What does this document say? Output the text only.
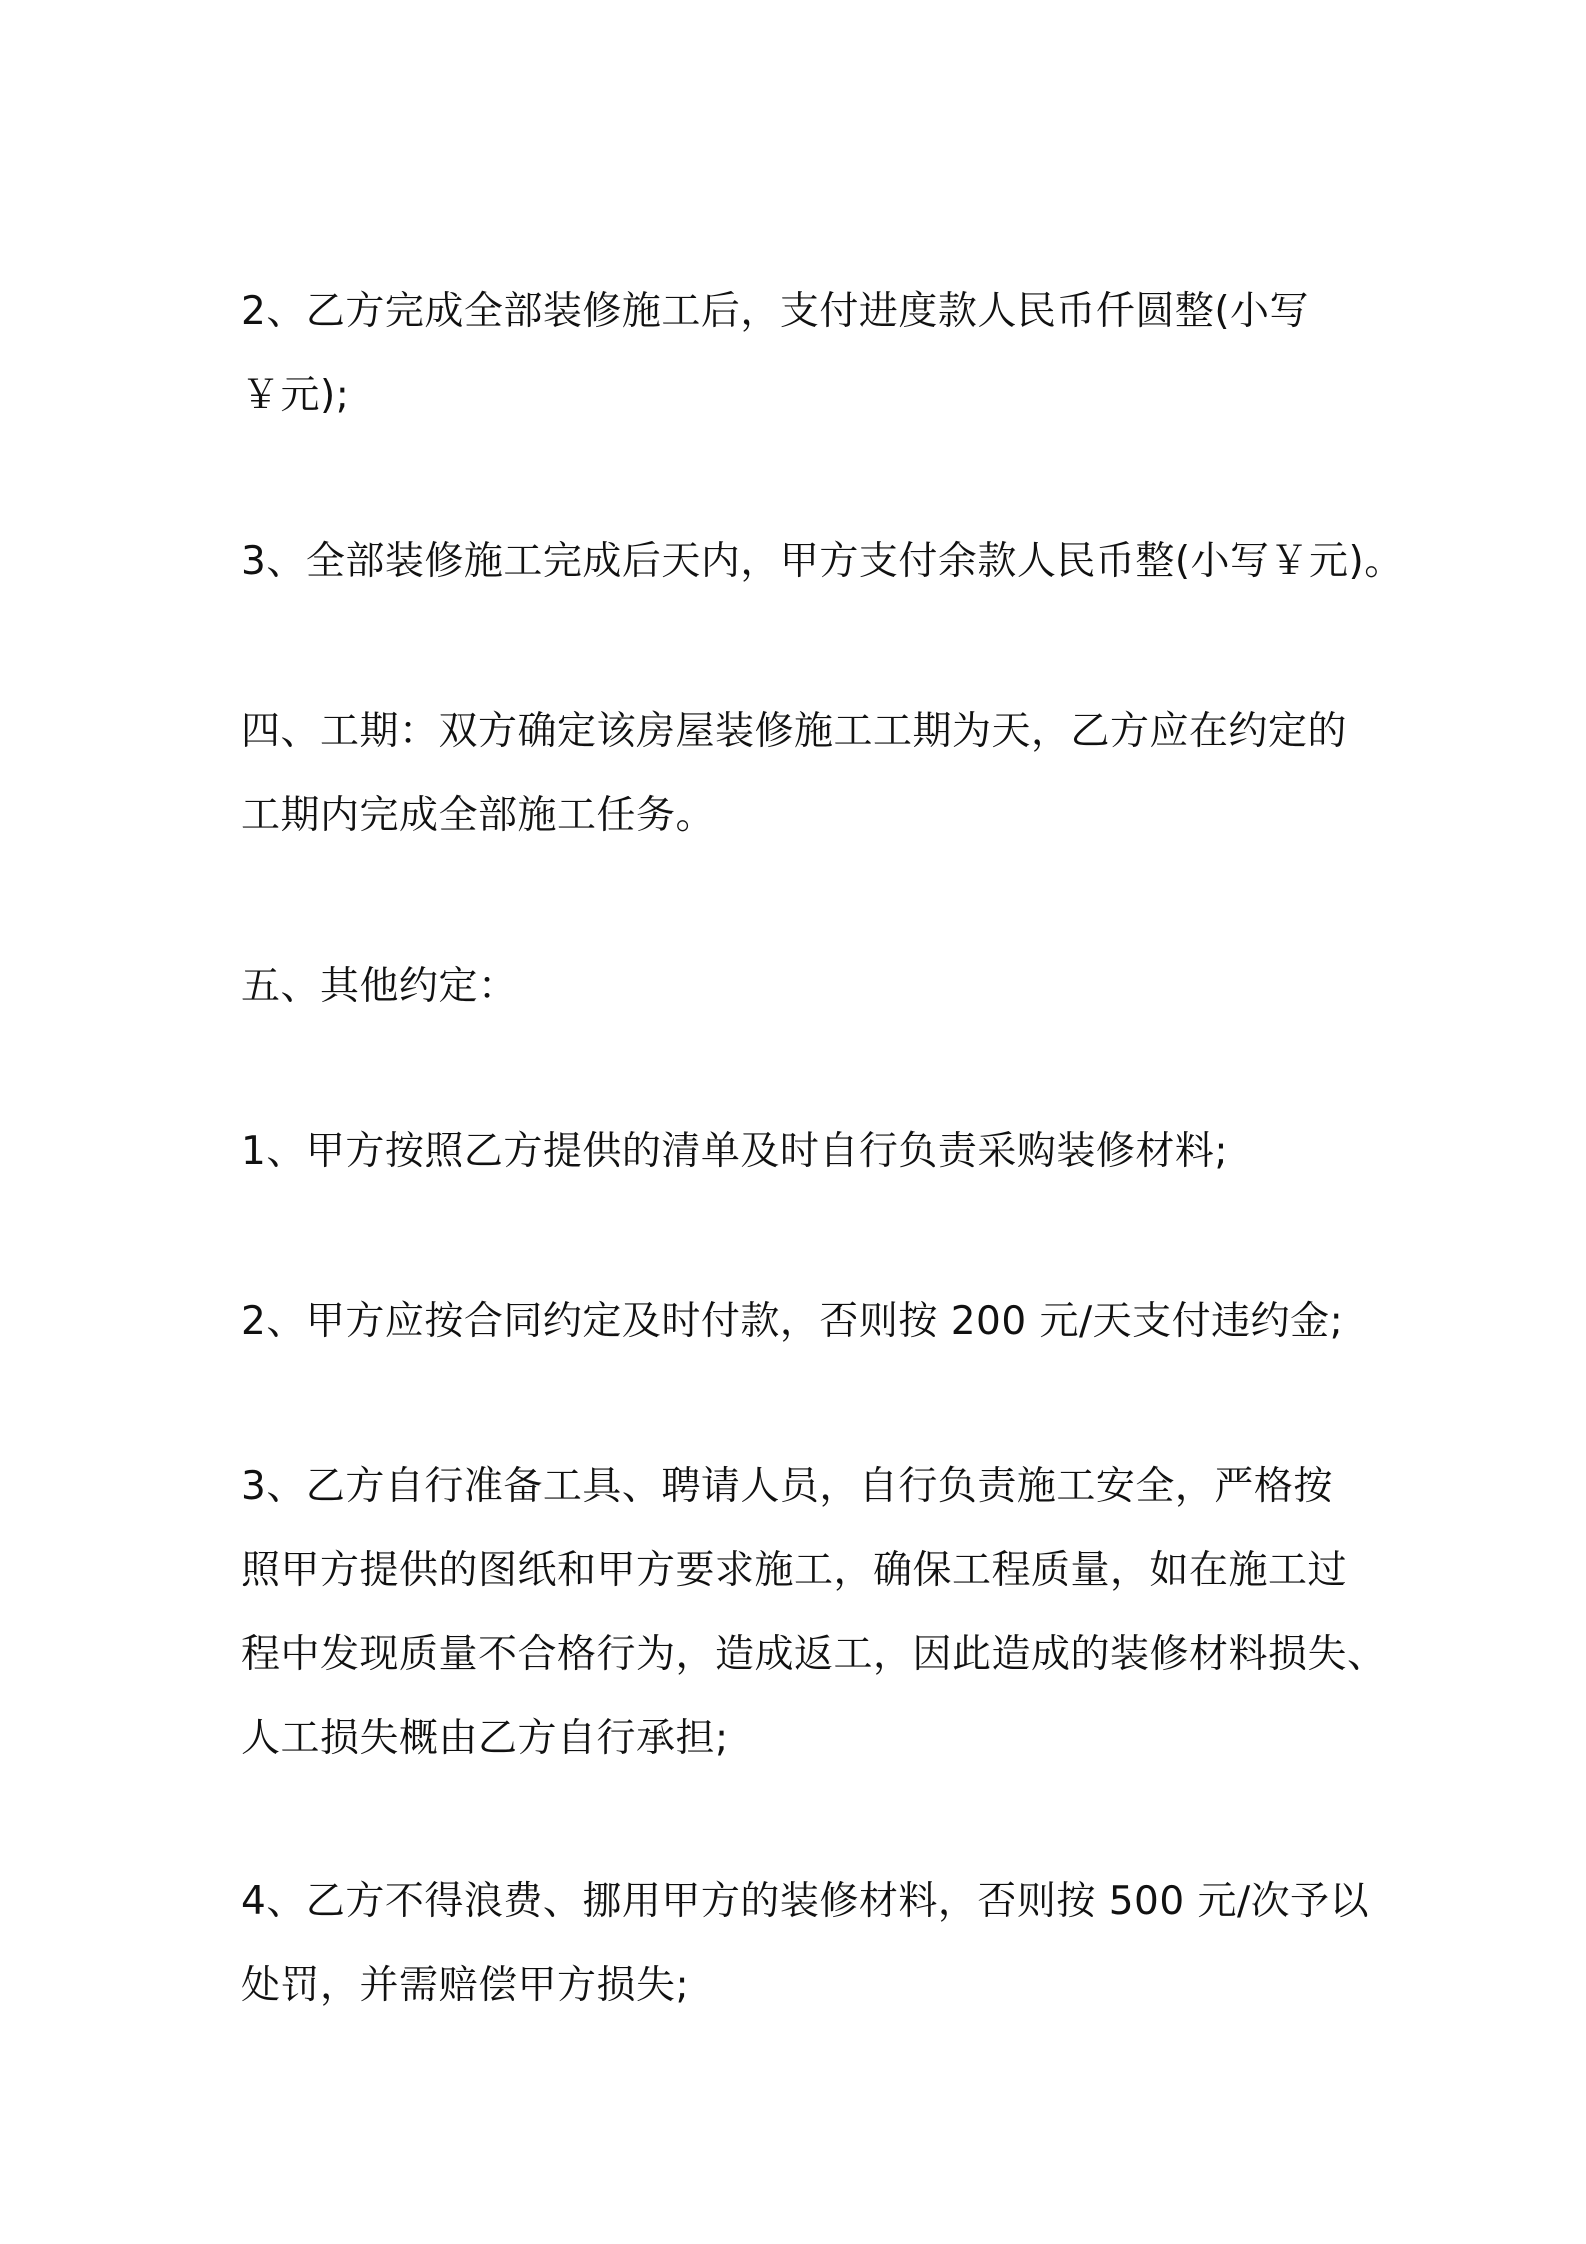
2、乙方完成全部装修施工后，支付进度款人民币仟圆整(小写
￥元);

3、全部装修施工完成后天内，甲方支付余款人民币整(小写￥元)。

四、工期：双方确定该房屋装修施工工期为天，乙方应在约定的
工期内完成全部施工任务。

五、其他约定：

1、甲方按照乙方提供的清单及时自行负责采购装修材料;

2、甲方应按合同约定及时付款，否则按 200 元/天支付违约金;

3、乙方自行准备工具、聘请人员，自行负责施工安全，严格按
照甲方提供的图纸和甲方要求施工，确保工程质量，如在施工过
程中发现质量不合格行为，造成返工，因此造成的装修材料损失、
人工损失概由乙方自行承担;

4、乙方不得浪费、挪用甲方的装修材料，否则按 500 元/次予以
处罚，并需赔偿甲方损失;
